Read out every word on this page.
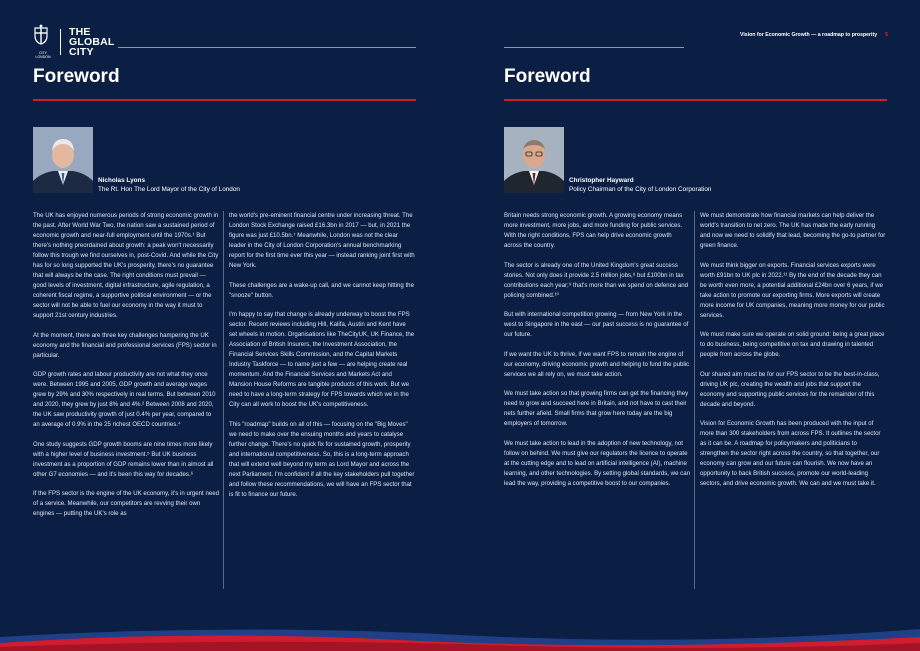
CITY
LONDON
THE
GLOBAL
CITY
Vision for Economic Growth — a roadmap to prosperity 5
Foreword
Nicholas Lyons
The Rt. Hon The Lord Mayor of the City of London

The UK has enjoyed numerous periods of strong economic growth in the past. After World War Two, the nation saw a sustained period of economic growth and near-full employment until the 1970s.¹ But there's nothing preordained about growth: a peak won't necessarily follow this trough we find ourselves in, post-Covid. And while the City has for so long supported the UK's prosperity, there's no guarantee that will always be the case. The right conditions must prevail — good levels of investment, digital infrastructure, agile regulation, a coherent fiscal regime, a supportive political environment — or the sector will not be able to fuel our economy in the way it must to support 21st century industries.

At the moment, there are three key challenges hampering the UK economy and the financial and professional services (FPS) sector in particular.

GDP growth rates and labour productivity are not what they once were. Between 1995 and 2005, GDP growth and average wages grew by 29% and 30% respectively in real terms. But between 2010 and 2020, they grew by just 8% and 4%.² Between 2008 and 2020, the UK saw productivity growth of just 0.4% per year, compared to an average of 0.9% in the 25 richest OECD countries.⁴

One study suggests GDP growth booms are nine times more likely with a higher level of business investment.⁵ But UK business investment as a proportion of GDP remains lower than in almost all other G7 economies — and it's been this way for decades.⁶

If the FPS sector is the engine of the UK economy, it's in urgent need of a service. Meanwhile, our competitors are revving their own engines — putting the UK's role as

the world's pre-eminent financial centre under increasing threat. The London Stock Exchange raised £16.3bn in 2017 — but, in 2021 the figure was just £10.5bn.⁷ Meanwhile, London was not the clear leader in the City of London Corporation's annual benchmarking report for the first time ever this year — instead ranking joint first with New York.

These challenges are a wake-up call, and we cannot keep hitting the "snooze" button.

I'm happy to say that change is already underway to boost the FPS sector. Recent reviews including Hill, Kalifa, Austin and Kent have set wheels in motion. Organisations like TheCityUK, UK Finance, the Association of British Insurers, the Investment Association, the Financial Services Skills Commission, and the Capital Markets Industry Taskforce — to name just a few — are helping create real momentum. And the Financial Services and Markets Act and Mansion House Reforms are tangible products of this work. But we need to have a long-term strategy for FPS towards which we in the City can all work to boost the UK's competitiveness.

This "roadmap" builds on all of this — focusing on the "Big Moves" we need to make over the ensuing months and years to catalyse further change. There's no quick fix for sustained growth, prosperity and international competitiveness. So, this is a long-term approach that will extend well beyond my term as Lord Mayor and across the next Parliament. I'm confident if all the key stakeholders pull together and follow these recommendations, we will have an FPS sector that is fit to finance our future.

Foreword
Christopher Hayward
Policy Chairman of the City of London Corporation

Britain needs strong economic growth. A growing economy means more investment, more jobs, and more funding for public services. With the right conditions, FPS can help drive economic growth across the country.

The sector is already one of the United Kingdom's great success stories. Not only does it provide 2.5 million jobs,⁸ but £100bn in tax contributions each year;⁹ that's more than we spend on defence and policing combined.¹⁰

But with international competition growing — from New York in the west to Singapore in the east — our past success is no guarantee of our future.

If we want the UK to thrive, if we want FPS to remain the engine of our economy, driving economic growth and helping to fund the public services we all rely on, we must take action.

We must take action so that growing firms can get the financing they need to grow and succeed here in Britain, and not have to cast their nets further afield. Small firms that grow here today are the big employers of tomorrow.

We must take action to lead in the adoption of new technology, not follow on behind. We must give our regulators the licence to operate at the cutting edge and to lead on artificial intelligence (AI), machine learning, and other technologies. By setting global standards, we can lead the way, providing a competitive boost to our companies.

We must demonstrate how financial markets can help deliver the world's transition to net zero. The UK has made the early running and now we need to solidify that lead, becoming the go-to partner for green finance.

We must think bigger on exports. Financial services exports were worth £91bn to UK plc in 2022.¹¹ By the end of the decade they can be worth even more, a potential additional £24bn over 6 years, if we take action to promote our exporting firms. More exports will create more income for UK companies, meaning more money for our public services.

We must make sure we operate on solid ground: being a great place to do business, being competitive on tax and drawing in talented people from across the globe.

Our shared aim must be for our FPS sector to be the best-in-class, driving UK plc, creating the wealth and jobs that support the economy and supporting public services for the remainder of this decade and beyond.

Vision for Economic Growth has been produced with the input of more than 300 stakeholders from across FPS. It outlines the sector as it can be. A roadmap for policymakers and politicians to strengthen the sector right across the country, so that together, our economy can grow and our future can flourish. We now have an opportunity to back British success, promote our world-leading sectors, and drive economic growth. We can and we must take it.
